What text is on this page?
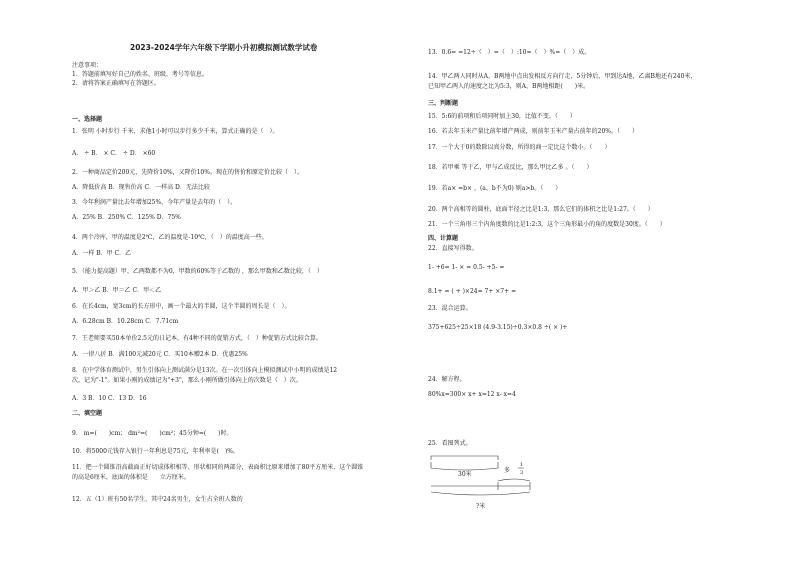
2023-2024学年六年级下学期小升初模拟测试数学试卷
一、选择题
1．张明 小时步行 千米，求他1小时可以步行多少千米，算式正确的是（　）。
A． ÷ B． × C． ÷ D． ×60
2．一种商品定价200元，先降价10%，又降价10%。现在的售价和原定价比较（　）。
A．降低价高 B．现售价高 C．一样高 D．无法比较
3．今年利润产量比去年增加25%，今年产量是去年的（　）。
A．25% B．250% C．125% D．75%
4．两个冷库，甲的温度是2℃，乙的温度是-10℃，（　）的温度高一些。
A．一样 B．甲 C．乙
5．（能力提高题）甲、乙两数都不为0，甲数的60%等于乙数的 ，那么甲数和乙数比较，（　）
A．甲＞乙 B．甲＝乙 C．甲＜乙
6．在长4cm，宽3cm的长方形中，画一个最大的半圆，这个半圆的周长是（　）。
A．6.28cm B．10.28cm C．7.71cm
7．王老师要买50本单价2.5元的日记本，有4种不同的促销方式，（　）种促销方式比较合算。
A．一律八折 B．满100元减20元 C．买10本赠2本 D．优惠25%
8．在中学体育测试中，男生引体向上测试满分是13次。在一次引体向上模拟测试中小明的成绩是12
次，记为"-1"。如果小刚的成绩记为"+3"，那么小刚所做引体向上的次数是（　）次。
A．3 B．10 C．13 D．16
二、填空题
9． m=(　　)cm； dm²=(　　)cm²；45分钟=(　　)时。
10．将5000元钱存入银行一年利息是75元，年利率是(　)%。
11．把一个圆锥沿高截面正好切成体积相等、形状相同的两部分，表面积比原来增加了80平方厘米，这个圆锥
的高是6厘米，底面的体积是　　立方厘米。
12．五（1）班有50名学生，其中24名男生，女生占全班人数的
13．0.6= =12÷（　）=（　）:10=（　）%=（　）成。
14．甲乙两人同时从A、B两地中点出发相反方向行走，5分钟后，甲到达A地，乙离B地还有240米，
已知甲乙两人的速度之比为5:3，则A、B两地相距(　　)米。
三、判断题
15．5:6的前项和后项同时加上30，比值不变。（　　）
16．若去年玉米产量比前年增产两成，则前年玉米产量占前年的20%。（　　）
17．一个大于0的数除以真分数，所得的商一定比这个数小。（　　）
18．若甲乘 等于乙，甲与乙成反比，那么甲比乙多 。（　　）
19．若a× =b× ，(a、b不为0) 则a>b。（　　）
20．两个高相等的圆柱，底面半径之比是1:3，那么它们的体积之比是1:27。（　　）
21．一个三角形三个内角度数的比是1:2:3，这个三角形最小的角的度数是30度。（　　）
四、计算题
22．直接写得数。
1- +6= 1- × = 0.5- +5- =
8.1+ = ( + )×24= 7+ ×7+ =
23．混合运算。
375+625÷25×18 (4.9-3.15)÷0.3×0.8 ÷( × )+
24．解方程。
80%x=300× x+ x=12 x- x=4
25．看图列式。
30米
多
1
3
?米
注意事项：
1．答题前填写好自己的姓名、班级、考号等信息。
2．请将答案正确填写在答题区。
